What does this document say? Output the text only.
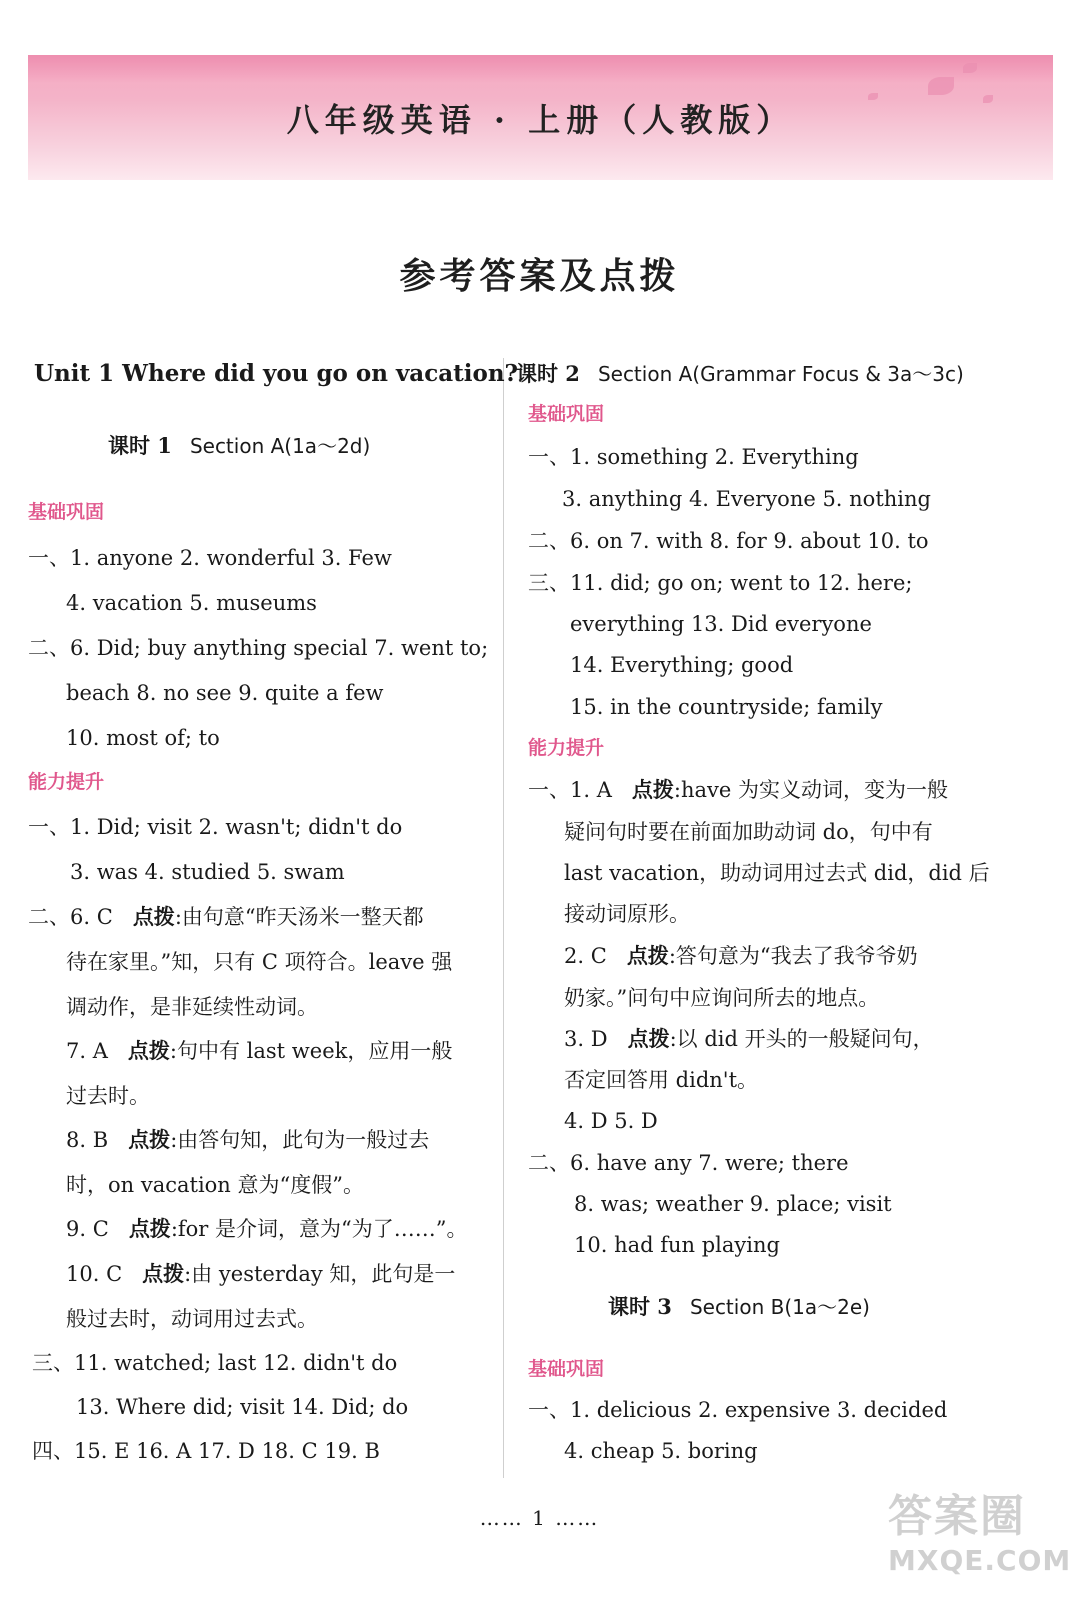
八年级英语 · 上册（人教版）
参考答案及点拨
Unit 1 Where did you go on vacation?
课时 1 Section A(1a～2d)
基础巩固
一、1. anyone 2. wonderful 3. Few
4. vacation 5. museums
二、6. Did; buy anything special 7. went to;
beach 8. no see 9. quite a few
10. most of; to
能力提升
一、1. Did; visit 2. wasn't; didn't do
3. was 4. studied 5. swam
二、6. C 点拨:由句意“昨天汤米一整天都
待在家里。”知，只有 C 项符合。leave 强
调动作，是非延续性动词。
7. A 点拨:句中有 last week，应用一般
过去时。
8. B 点拨:由答句知，此句为一般过去
时，on vacation 意为“度假”。
9. C 点拨:for 是介词，意为“为了……”。
10. C 点拨:由 yesterday 知，此句是一
般过去时，动词用过去式。
三、11. watched; last 12. didn't do
13. Where did; visit 14. Did; do
四、15. E 16. A 17. D 18. C 19. B
课时 2 Section A(Grammar Focus & 3a～3c)
基础巩固
一、1. something 2. Everything
3. anything 4. Everyone 5. nothing
二、6. on 7. with 8. for 9. about 10. to
三、11. did; go on; went to 12. here;
everything 13. Did everyone
14. Everything; good
15. in the countryside; family
能力提升
一、1. A 点拨:have 为实义动词，变为一般
疑问句时要在前面加助动词 do，句中有
last vacation，助动词用过去式 did，did 后
接动词原形。
2. C 点拨:答句意为“我去了我爷爷奶
奶家。”问句中应询问所去的地点。
3. D 点拨:以 did 开头的一般疑问句，
否定回答用 didn't。
4. D 5. D
二、6. have any 7. were; there
8. was; weather 9. place; visit
10. had fun playing
课时 3 Section B(1a～2e)
基础巩固
一、1. delicious 2. expensive 3. decided
4. cheap 5. boring
…… 1 ……	答案圈
MXQE.COM
